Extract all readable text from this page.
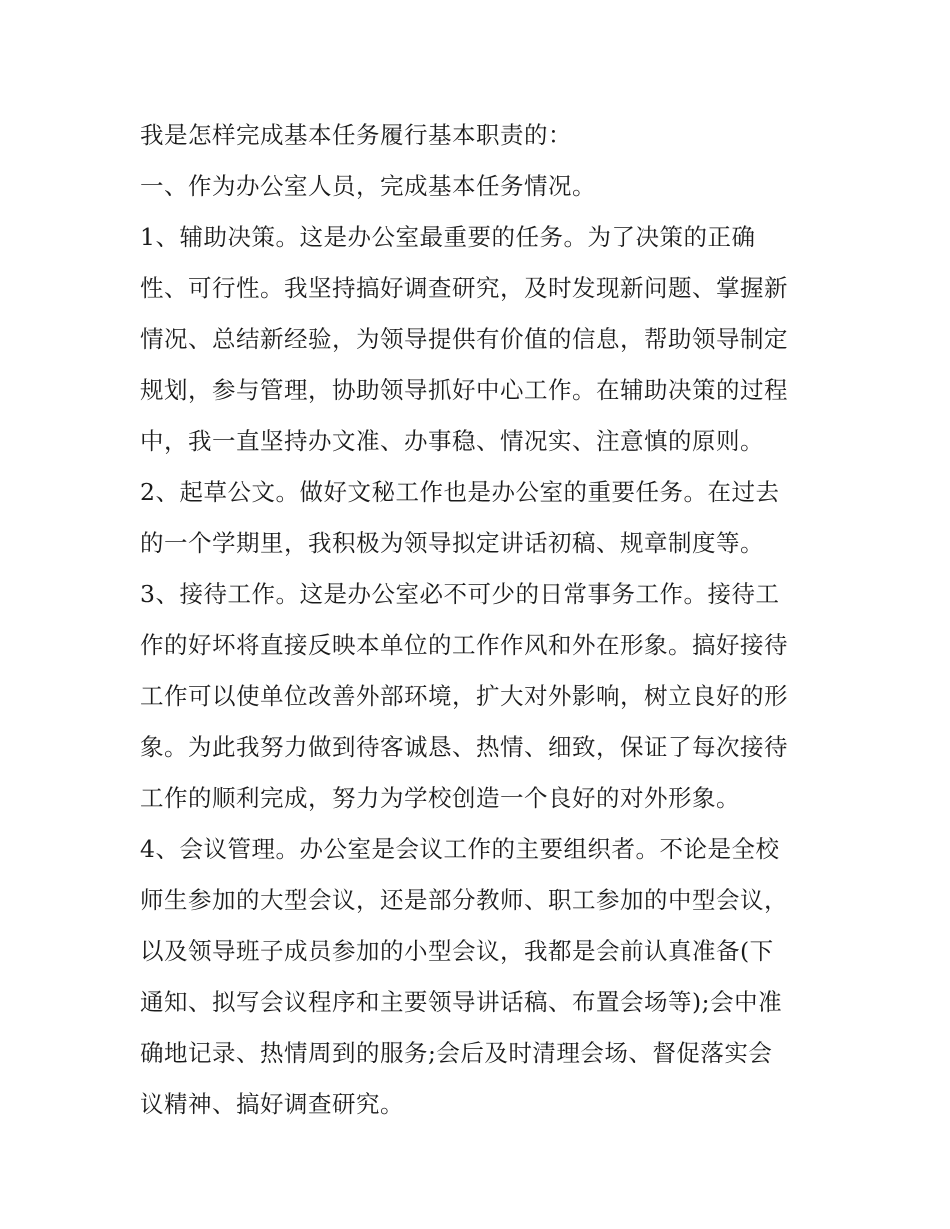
我是怎样完成基本任务履行基本职责的：
一、作为办公室人员，完成基本任务情况。
1、辅助决策。这是办公室最重要的任务。为了决策的正确
性、可行性。我坚持搞好调查研究，及时发现新问题、掌握新
情况、总结新经验，为领导提供有价值的信息，帮助领导制定
规划，参与管理，协助领导抓好中心工作。在辅助决策的过程
中，我一直坚持办文准、办事稳、情况实、注意慎的原则。
2、起草公文。做好文秘工作也是办公室的重要任务。在过去
的一个学期里，我积极为领导拟定讲话初稿、规章制度等。
3、接待工作。这是办公室必不可少的日常事务工作。接待工
作的好坏将直接反映本单位的工作作风和外在形象。搞好接待
工作可以使单位改善外部环境，扩大对外影响，树立良好的形
象。为此我努力做到待客诚恳、热情、细致，保证了每次接待
工作的顺利完成，努力为学校创造一个良好的对外形象。
4、会议管理。办公室是会议工作的主要组织者。不论是全校
师生参加的大型会议，还是部分教师、职工参加的中型会议，
以及领导班子成员参加的小型会议，我都是会前认真准备(下
通知、拟写会议程序和主要领导讲话稿、布置会场等);会中准
确地记录、热情周到的服务;会后及时清理会场、督促落实会
议精神、搞好调查研究。
